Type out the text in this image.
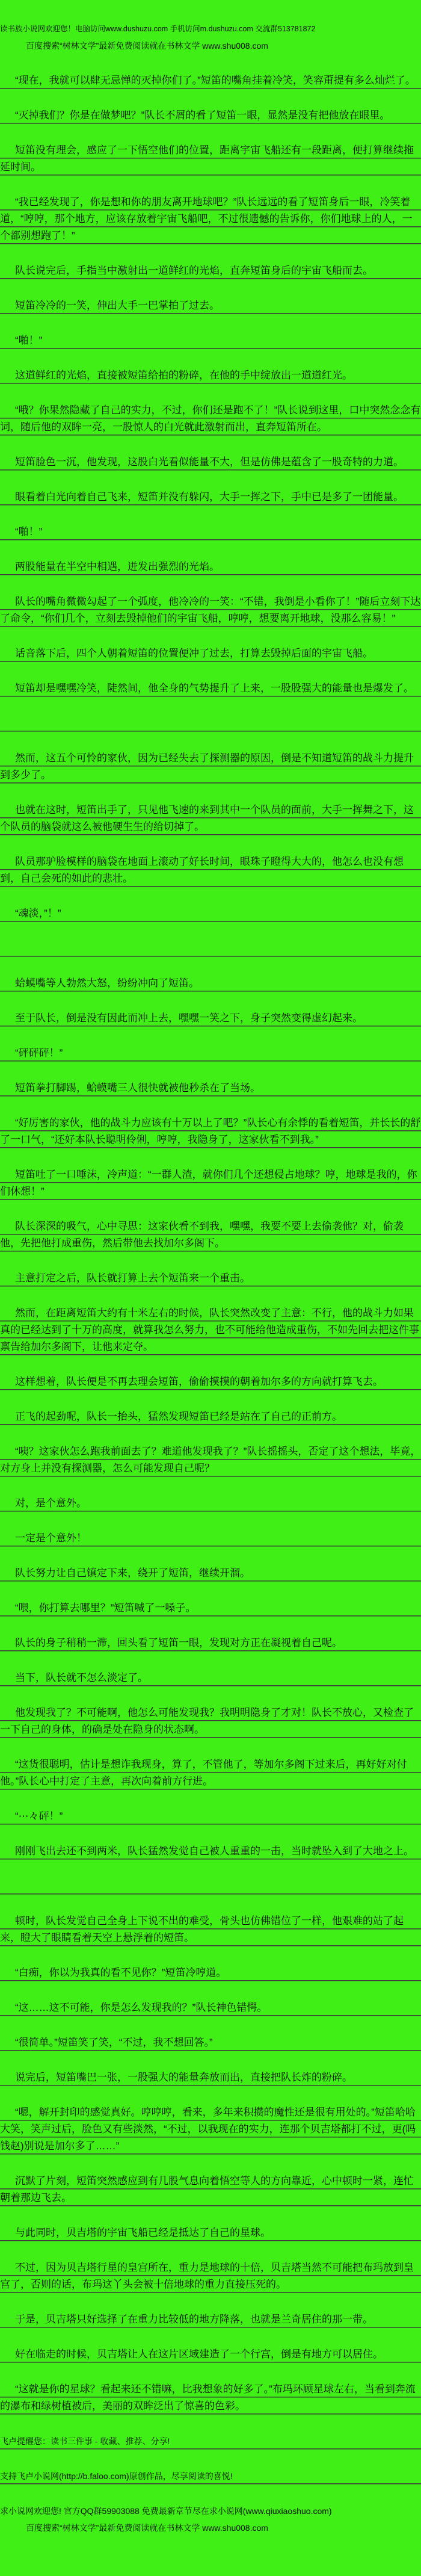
读书族小说网欢迎您！电脑访问www.dushuzu.com 手机访问m.dushuzu.com 交流群513781872

百度搜索“树林文学”最新免费阅读就在书林文学 www.shu008.com

“现在，我就可以肆无忌惮的灭掉你们了。”短笛的嘴角挂着冷笑，笑容甭提有多么灿烂了。

“灭掉我们？你是在做梦吧？”队长不屑的看了短笛一眼，显然是没有把他放在眼里。

短笛没有理会，感应了一下悟空他们的位置，距离宇宙飞船还有一段距离，便打算继续拖延时间。

“我已经发现了，你是想和你的朋友离开地球吧？”队长远远的看了短笛身后一眼，冷笑着道，“哼哼，那个地方，应该存放着宇宙飞船吧，不过很遗憾的告诉你，你们地球上的人，一个都别想跑了！”

队长说完后，手指当中激射出一道鲜红的光焰，直奔短笛身后的宇宙飞船而去。

短笛冷冷的一笑，伸出大手一巴掌拍了过去。

“啪！”

这道鲜红的光焰，直接被短笛给拍的粉碎，在他的手中绽放出一道道红光。

“哦？你果然隐藏了自己的实力，不过，你们还是跑不了！”队长说到这里，口中突然念念有词，随后他的双眸一亮，一股惊人的白光就此激射而出，直奔短笛所在。

短笛脸色一沉，他发现，这股白光看似能量不大，但是仿佛是蕴含了一股奇特的力道。

眼看着白光向着自己飞来，短笛并没有躲闪，大手一挥之下，手中已是多了一团能量。

“啪！”

两股能量在半空中相遇，迸发出强烈的光焰。

队长的嘴角微微勾起了一个弧度，他冷冷的一笑：“不错，我倒是小看你了！”随后立刻下达了命令，“你们几个，立刻去毁掉他们的宇宙飞船，哼哼，想要离开地球，没那么容易！”

话音落下后，四个人朝着短笛的位置便冲了过去，打算去毁掉后面的宇宙飞船。

短笛却是嘿嘿冷笑，陡然间，他全身的气势提升了上来，一股股强大的能量也是爆发了。

然而，这五个可怜的家伙，因为已经失去了探测器的原因，倒是不知道短笛的战斗力提升到多少了。

也就在这时，短笛出手了，只见他飞速的来到其中一个队员的面前，大手一挥舞之下，这个队员的脑袋就这么被他硬生生的给切掉了。

队员那驴脸模样的脑袋在地面上滚动了好长时间，眼珠子瞪得大大的，他怎么也没有想到，自己会死的如此的悲壮。

“魂淡，”！”

蛤蟆嘴等人勃然大怒，纷纷冲向了短笛。

至于队长，倒是没有因此而冲上去，嘿嘿一笑之下，身子突然变得虚幻起来。

“砰砰砰！”

短笛拳打脚踢，蛤蟆嘴三人很快就被他秒杀在了当场。

“好厉害的家伙，他的战斗力应该有十万以上了吧？”队长心有余悸的看着短笛，并长长的舒了一口气，“还好本队长聪明伶俐，哼哼，我隐身了，这家伙看不到我。”

短笛吐了一口唾沫，冷声道：“一群人渣，就你们几个还想侵占地球？哼，地球是我的，你们休想！”

队长深深的吸气，心中寻思：这家伙看不到我，嘿嘿，我要不要上去偷袭他？对，偷袭他，先把他打成重伤，然后带他去找加尔多阁下。

主意打定之后，队长就打算上去个短笛来一个重击。

然而，在距离短笛大约有十米左右的时候，队长突然改变了主意：不行，他的战斗力如果真的已经达到了十万的高度，就算我怎么努力，也不可能给他造成重伤，不如先回去把这件事禀告给加尔多阁下，让他来定夺。

这样想着，队长便是不再去理会短笛，偷偷摸摸的朝着加尔多的方向就打算飞去。

正飞的起劲呢，队长一抬头，猛然发现短笛已经是站在了自己的正前方。

“咦？这家伙怎么跑我前面去了？难道他发现我了？”队长摇摇头，否定了这个想法，毕竟，对方身上并没有探测器，怎么可能发现自己呢？

对，是个意外。

一定是个意外！

队长努力让自己镇定下来，绕开了短笛，继续开溜。

“喂，你打算去哪里？”短笛喊了一嗓子。

队长的身子稍稍一滞，回头看了短笛一眼，发现对方正在凝视着自己呢。

当下，队长就不怎么淡定了。

他发现我了？不可能啊，他怎么可能发现我？我明明隐身了才对！队长不放心，又检查了一下自己的身体，的确是处在隐身的状态啊。

“这货很聪明，估计是想诈我现身，算了，不管他了，等加尔多阁下过来后，再好好对付他。”队长心中打定了主意，再次向着前方行进。

“⋯々砰！”

刚刚飞出去还不到两米，队长猛然发觉自己被人重重的一击，当时就坠入到了大地之上。

顿时，队长发觉自己全身上下说不出的难受，骨头也仿佛错位了一样，他艰难的站了起来，瞪大了眼睛看着天空上悬浮着的短笛。

“白痴，你以为我真的看不见你？”短笛冷哼道。

“这……这不可能，你是怎么发现我的？”队长神色错愕。

“很简单。”短笛笑了笑，“不过，我不想回答。”

说完后，短笛嘴巴一张，一股强大的能量奔放而出，直接把队长炸的粉碎。

“嗯，解开封印的感觉真好。哼哼哼，看来，多年来积攒的魔性还是很有用处的。”短笛哈哈大笑，笑声过后，脸色又有些淡然，“不过，以我现在的实力，连那个贝吉塔都打不过，更(吗钱赵)别说是加尔多了……”

沉默了片刻，短笛突然感应到有几股气息向着悟空等人的方向靠近，心中顿时一紧，连忙朝着那边飞去。

与此同时，贝吉塔的宇宙飞船已经是抵达了自己的星球。

不过，因为贝吉塔行星的皇宫所在，重力是地球的十倍，贝吉塔当然不可能把布玛放到皇宫了，否则的话，布玛这丫头会被十倍地球的重力直接压死的。

于是，贝吉塔只好选择了在重力比较低的地方降落，也就是兰奇居住的那一带。

好在临走的时候，贝吉塔让人在这片区域建造了一个行宫，倒是有地方可以居住。

“这就是你的星球？看起来还不错嘛，比我想象的好多了。”布玛环顾星球左右，当看到奔流的瀑布和绿树植被后，美丽的双眸泛出了惊喜的色彩。

飞卢提醒您：读书三件事 - 收藏、推荐、分享!

支持飞卢小说网(http://b.faloo.com)原创作品，尽享阅读的喜悦!

求小说网欢迎您! 官方QQ群59903088 免费最新章节尽在求小说网(www.qiuxiaoshuo.com)

百度搜索“树林文学”最新免费阅读就在书林文学 www.shu008.com
